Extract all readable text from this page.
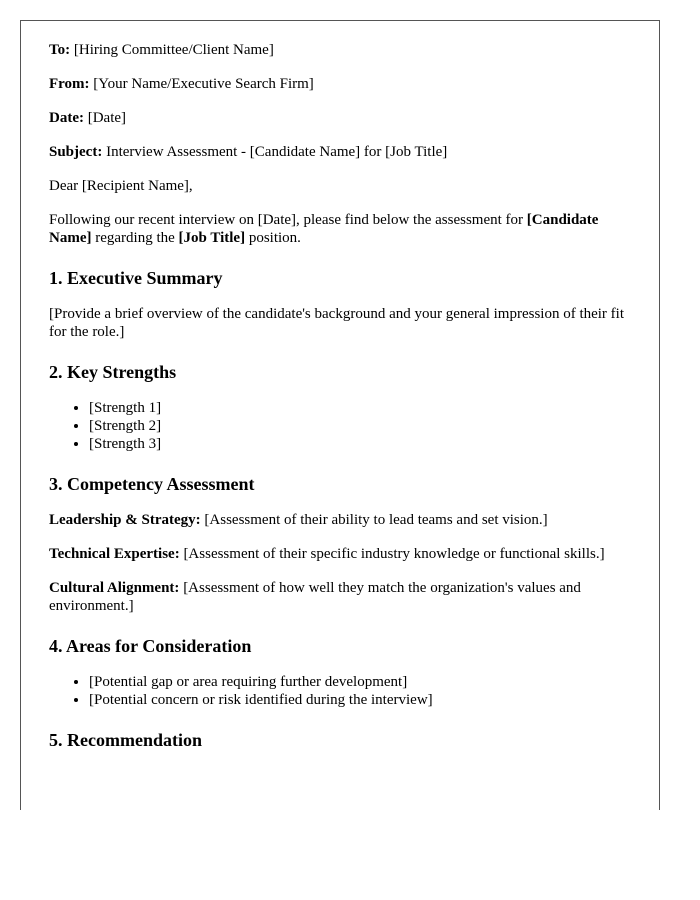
To: [Hiring Committee/Client Name]

From: [Your Name/Executive Search Firm]

Date: [Date]

Subject: Interview Assessment - [Candidate Name] for [Job Title]

Dear [Recipient Name],

Following our recent interview on [Date], please find below the assessment for [Candidate Name] regarding the [Job Title] position.

1. Executive Summary

[Provide a brief overview of the candidate's background and your general impression of their fit for the role.]

2. Key Strengths
• [Strength 1]
• [Strength 2]
• [Strength 3]
3. Competency Assessment

Leadership & Strategy: [Assessment of their ability to lead teams and set vision.]

Technical Expertise: [Assessment of their specific industry knowledge or functional skills.]

Cultural Alignment: [Assessment of how well they match the organization's values and environment.]

4. Areas for Consideration
• [Potential gap or area requiring further development]
• [Potential concern or risk identified during the interview]
5. Recommendation
